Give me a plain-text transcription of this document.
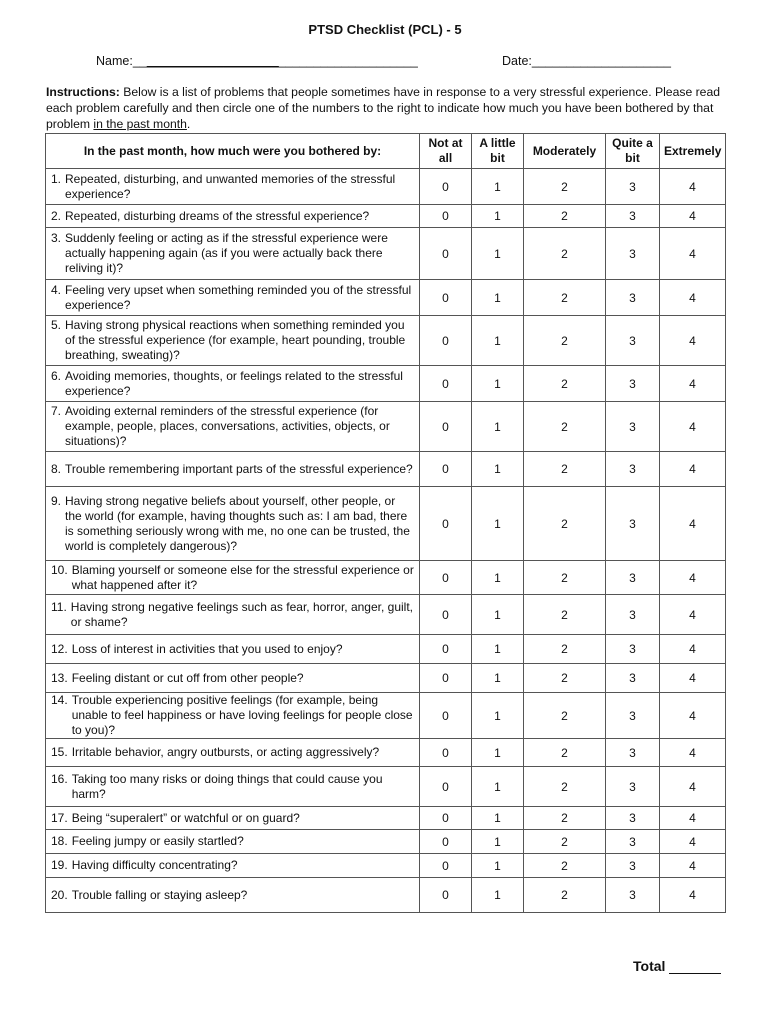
PTSD Checklist (PCL) - 5
Name:_________________________________________	Date:____________________
Instructions: Below is a list of problems that people sometimes have in response to a very stressful experience. Please read each problem carefully and then circle one of the numbers to the right to indicate how much you have been bothered by that problem in the past month.
In the past month, how much were you bothered by:	Not at all	A little bit	Moderately	Quite a bit	Extremely

1. Repeated, disturbing, and unwanted memories of the stressful experience?	0	1	2	3	4

2. Repeated, disturbing dreams of the stressful experience?	0	1	2	3	4

3. Suddenly feeling or acting as if the stressful experience were actually happening again (as if you were actually back there reliving it)?	0	1	2	3	4

4. Feeling very upset when something reminded you of the stressful experience?	0	1	2	3	4

5. Having strong physical reactions when something reminded you of the stressful experience (for example, heart pounding, trouble breathing, sweating)?	0	1	2	3	4

6. Avoiding memories, thoughts, or feelings related to the stressful experience?	0	1	2	3	4

7. Avoiding external reminders of the stressful experience (for example, people, places, conversations, activities, objects, or situations)?	0	1	2	3	4

8. Trouble remembering important parts of the stressful experience?	0	1	2	3	4

9. Having strong negative beliefs about yourself, other people, or the world (for example, having thoughts such as: I am bad, there is something seriously wrong with me, no one can be trusted, the world is completely dangerous)?	0	1	2	3	4

10. Blaming yourself or someone else for the stressful experience or what happened after it?	0	1	2	3	4

11. Having strong negative feelings such as fear, horror, anger, guilt, or shame?	0	1	2	3	4

12. Loss of interest in activities that you used to enjoy?	0	1	2	3	4

13. Feeling distant or cut off from other people?	0	1	2	3	4

14. Trouble experiencing positive feelings (for example, being unable to feel happiness or have loving feelings for people close to you)?	0	1	2	3	4

15. Irritable behavior, angry outbursts, or acting aggressively?	0	1	2	3	4

16. Taking too many risks or doing things that could cause you harm?	0	1	2	3	4

17. Being “superalert” or watchful or on guard?	0	1	2	3	4

18. Feeling jumpy or easily startled?	0	1	2	3	4

19. Having difficulty concentrating?	0	1	2	3	4

20. Trouble falling or staying asleep?	0	1	2	3	4
Total
